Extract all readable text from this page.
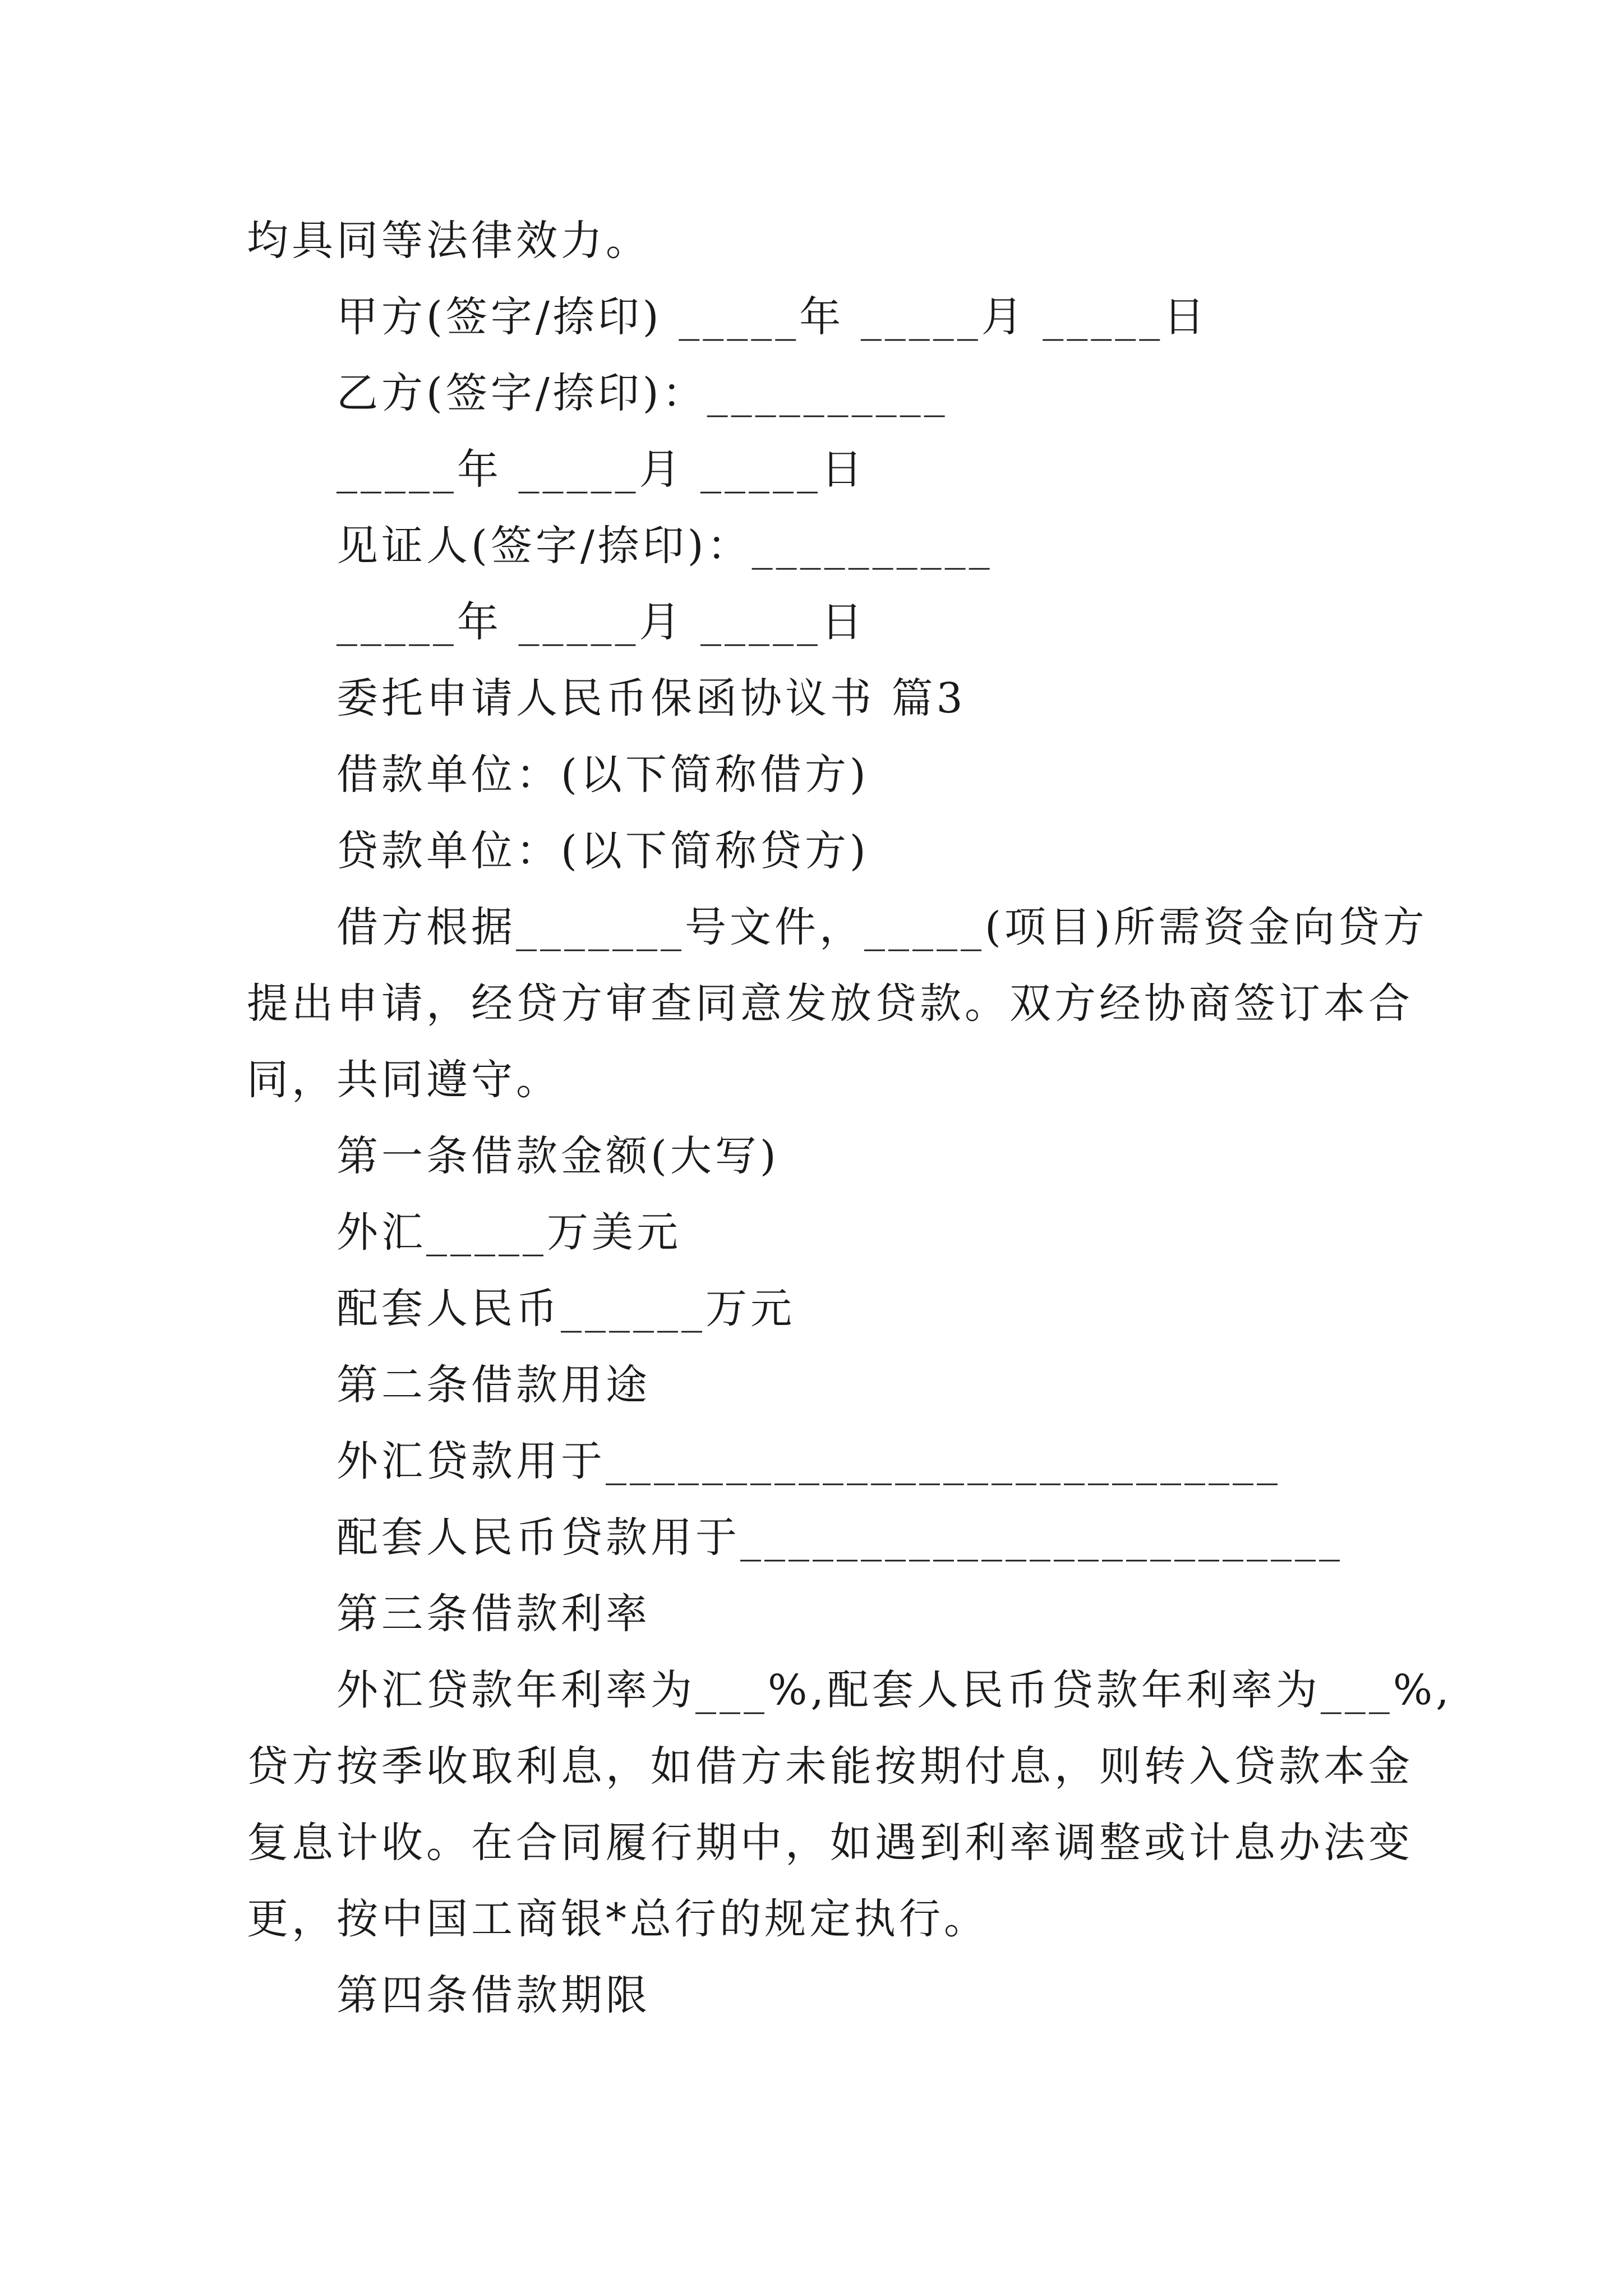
均具同等法律效力。
甲方(签字/捺印) _____年 _____月 _____日
乙方(签字/捺印)：__________
_____年 _____月 _____日
见证人(签字/捺印)：__________
_____年 _____月 _____日
委托申请人民币保函协议书 篇3
借款单位：(以下简称借方)
贷款单位：(以下简称贷方)
借方根据_______号文件，_____(项目)所需资金向贷方
提出申请，经贷方审查同意发放贷款。双方经协商签订本合
同，共同遵守。
第一条借款金额(大写)
外汇_____万美元
配套人民币______万元
第二条借款用途
外汇贷款用于____________________________
配套人民币贷款用于_________________________
第三条借款利率
外汇贷款年利率为___%,配套人民币贷款年利率为___%,
贷方按季收取利息，如借方未能按期付息，则转入贷款本金
复息计收。在合同履行期中，如遇到利率调整或计息办法变
更，按中国工商银*总行的规定执行。
第四条借款期限
